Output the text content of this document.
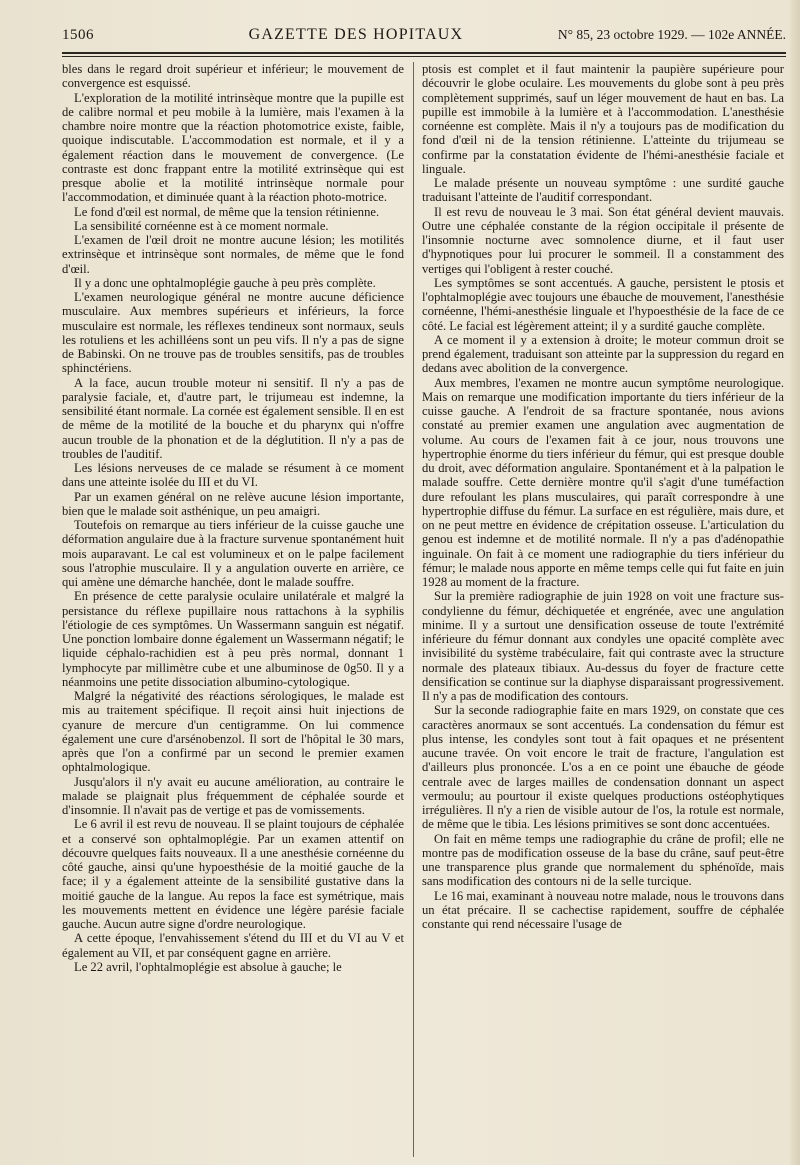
1506	GAZETTE DES HOPITAUX	N° 85, 23 octobre 1929. — 102e ANNÉE.

bles dans le regard droit supérieur et inférieur; le mouvement de convergence est esquissé.

L'exploration de la motilité intrinsèque montre que la pupille est de calibre normal et peu mobile à la lumière, mais l'examen à la chambre noire montre que la réaction photomotrice existe, faible, quoique indiscutable. L'accommodation est normale, et il y a également réaction dans le mouvement de convergence. (Le contraste est donc frappant entre la motilité extrinsèque qui est presque abolie et la motilité intrinsèque normale pour l'accommodation, et diminuée quant à la réaction photo-motrice.

Le fond d'œil est normal, de même que la tension rétinienne.

La sensibilité cornéenne est à ce moment normale.

L'examen de l'œil droit ne montre aucune lésion; les motilités extrinsèque et intrinsèque sont normales, de même que le fond d'œil.

Il y a donc une ophtalmoplégie gauche à peu près complète.

L'examen neurologique général ne montre aucune déficience musculaire. Aux membres supérieurs et inférieurs, la force musculaire est normale, les réflexes tendineux sont normaux, seuls les rotuliens et les achilléens sont un peu vifs. Il n'y a pas de signe de Babinski. On ne trouve pas de troubles sensitifs, pas de troubles sphinctériens.

A la face, aucun trouble moteur ni sensitif. Il n'y a pas de paralysie faciale, et, d'autre part, le trijumeau est indemne, la sensibilité étant normale. La cornée est également sensible. Il en est de même de la motilité de la bouche et du pharynx qui n'offre aucun trouble de la phonation et de la déglutition. Il n'y a pas de troubles de l'auditif.

Les lésions nerveuses de ce malade se résument à ce moment dans une atteinte isolée du III et du VI.

Par un examen général on ne relève aucune lésion importante, bien que le malade soit asthénique, un peu amaigri.

Toutefois on remarque au tiers inférieur de la cuisse gauche une déformation angulaire due à la fracture survenue spontanément huit mois auparavant. Le cal est volumineux et on le palpe facilement sous l'atrophie musculaire. Il y a angulation ouverte en arrière, ce qui amène une démarche hanchée, dont le malade souffre.

En présence de cette paralysie oculaire unilatérale et malgré la persistance du réflexe pupillaire nous rattachons à la syphilis l'étiologie de ces symptômes. Un Wassermann sanguin est négatif. Une ponction lombaire donne également un Wassermann négatif; le liquide céphalo-rachidien est à peu près normal, donnant 1 lymphocyte par millimètre cube et une albuminose de 0g50. Il y a néanmoins une petite dissociation albumino-cytologique.

Malgré la négativité des réactions sérologiques, le malade est mis au traitement spécifique. Il reçoit ainsi huit injections de cyanure de mercure d'un centigramme. On lui commence également une cure d'arsénobenzol. Il sort de l'hôpital le 30 mars, après que l'on a confirmé par un second le premier examen ophtalmologique.

Jusqu'alors il n'y avait eu aucune amélioration, au contraire le malade se plaignait plus fréquemment de céphalée sourde et d'insomnie. Il n'avait pas de vertige et pas de vomissements.

Le 6 avril il est revu de nouveau. Il se plaint toujours de céphalée et a conservé son ophtalmoplégie. Par un examen attentif on découvre quelques faits nouveaux. Il a une anesthésie cornéenne du côté gauche, ainsi qu'une hypoesthésie de la moitié gauche de la face; il y a également atteinte de la sensibilité gustative dans la moitié gauche de la langue. Au repos la face est symétrique, mais les mouvements mettent en évidence une légère parésie faciale gauche. Aucun autre signe d'ordre neurologique.

A cette époque, l'envahissement s'étend du III et du VI au V et également au VII, et par conséquent gagne en arrière.

Le 22 avril, l'ophtalmoplégie est absolue à gauche; le

ptosis est complet et il faut maintenir la paupière supérieure pour découvrir le globe oculaire. Les mouvements du globe sont à peu près complètement supprimés, sauf un léger mouvement de haut en bas. La pupille est immobile à la lumière et à l'accommodation. L'anesthésie cornéenne est complète. Mais il n'y a toujours pas de modification du fond d'œil ni de la tension rétinienne. L'atteinte du trijumeau se confirme par la constatation évidente de l'hémi-anesthésie faciale et linguale.

Le malade présente un nouveau symptôme : une surdité gauche traduisant l'atteinte de l'auditif correspondant.

Il est revu de nouveau le 3 mai. Son état général devient mauvais. Outre une céphalée constante de la région occipitale il présente de l'insomnie nocturne avec somnolence diurne, et il faut user d'hypnotiques pour lui procurer le sommeil. Il a constamment des vertiges qui l'obligent à rester couché.

Les symptômes se sont accentués. A gauche, persistent le ptosis et l'ophtalmoplégie avec toujours une ébauche de mouvement, l'anesthésie cornéenne, l'hémi-anesthésie linguale et l'hypoesthésie de la face de ce côté. Le facial est légèrement atteint; il y a surdité gauche complète.

A ce moment il y a extension à droite; le moteur commun droit se prend également, traduisant son atteinte par la suppression du regard en dedans avec abolition de la convergence.

Aux membres, l'examen ne montre aucun symptôme neurologique. Mais on remarque une modification importante du tiers inférieur de la cuisse gauche. A l'endroit de sa fracture spontanée, nous avions constaté au premier examen une angulation avec augmentation de volume. Au cours de l'examen fait à ce jour, nous trouvons une hypertrophie énorme du tiers inférieur du fémur, qui est presque double du droit, avec déformation angulaire. Spontanément et à la palpation le malade souffre. Cette dernière montre qu'il s'agit d'une tuméfaction dure refoulant les plans musculaires, qui paraît correspondre à une hypertrophie diffuse du fémur. La surface en est régulière, mais dure, et on ne peut mettre en évidence de crépitation osseuse. L'articulation du genou est indemne et de motilité normale. Il n'y a pas d'adénopathie inguinale. On fait à ce moment une radiographie du tiers inférieur du fémur; le malade nous apporte en même temps celle qui fut faite en juin 1928 au moment de la fracture.

Sur la première radiographie de juin 1928 on voit une fracture sus-condylienne du fémur, déchiquetée et engrénée, avec une angulation minime. Il y a surtout une densification osseuse de toute l'extrémité inférieure du fémur donnant aux condyles une opacité complète avec invisibilité du système trabéculaire, fait qui contraste avec la structure normale des plateaux tibiaux. Au-dessus du foyer de fracture cette densification se continue sur la diaphyse disparaissant progressivement. Il n'y a pas de modification des contours.

Sur la seconde radiographie faite en mars 1929, on constate que ces caractères anormaux se sont accentués. La condensation du fémur est plus intense, les condyles sont tout à fait opaques et ne présentent aucune travée. On voit encore le trait de fracture, l'angulation est d'ailleurs plus prononcée. L'os a en ce point une ébauche de géode centrale avec de larges mailles de condensation donnant un aspect vermoulu; au pourtour il existe quelques productions ostéophytiques irrégulières. Il n'y a rien de visible autour de l'os, la rotule est normale, de même que le tibia. Les lésions primitives se sont donc accentuées.

On fait en même temps une radiographie du crâne de profil; elle ne montre pas de modification osseuse de la base du crâne, sauf peut-être une transparence plus grande que normalement du sphénoïde, mais sans modification des contours ni de la selle turcique.

Le 16 mai, examinant à nouveau notre malade, nous le trouvons dans un état précaire. Il se cachectise rapidement, souffre de céphalée constante qui rend nécessaire l'usage de
